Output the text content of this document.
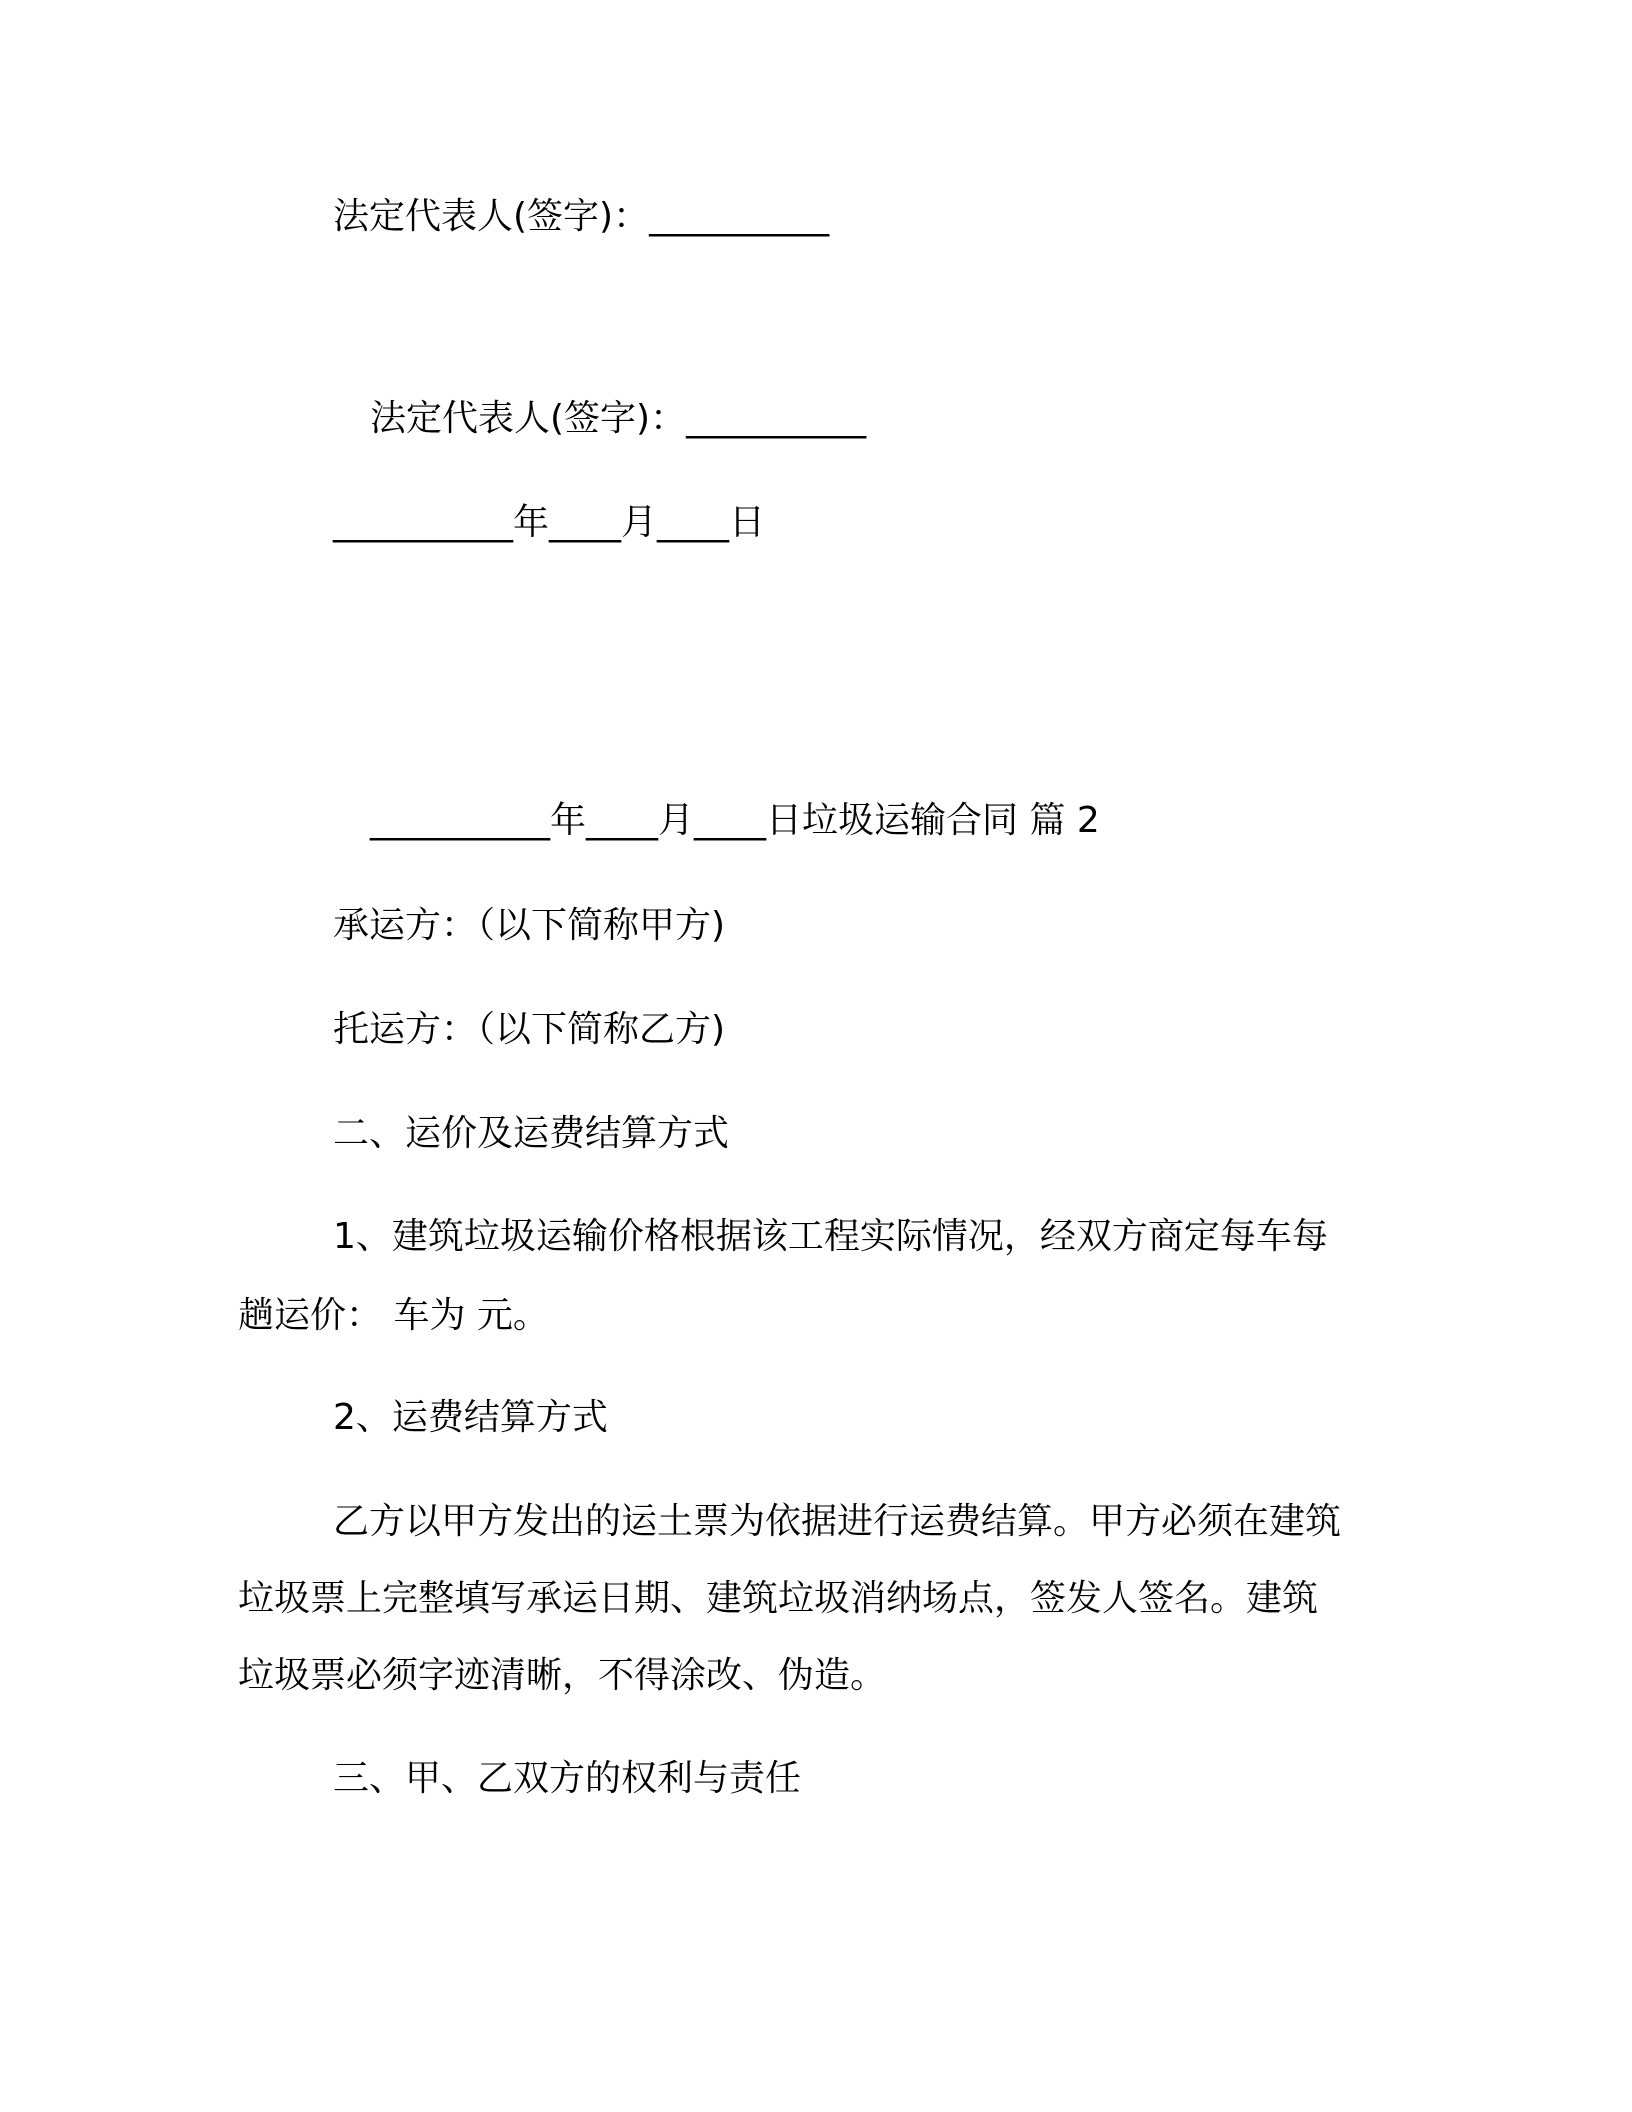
法定代表人(签字)：__________
法定代表人(签字)：__________
__________年____月____日
__________年____月____日垃圾运输合同 篇 2
承运方：（以下简称甲方)
托运方：（以下简称乙方)
二、运价及运费结算方式
1、建筑垃圾运输价格根据该工程实际情况，经双方商定每车每
趟运价： 车为 元。
2、运费结算方式
乙方以甲方发出的运土票为依据进行运费结算。甲方必须在建筑
垃圾票上完整填写承运日期、建筑垃圾消纳场点，签发人签名。建筑
垃圾票必须字迹清晰，不得涂改、伪造。
三、甲、乙双方的权利与责任
